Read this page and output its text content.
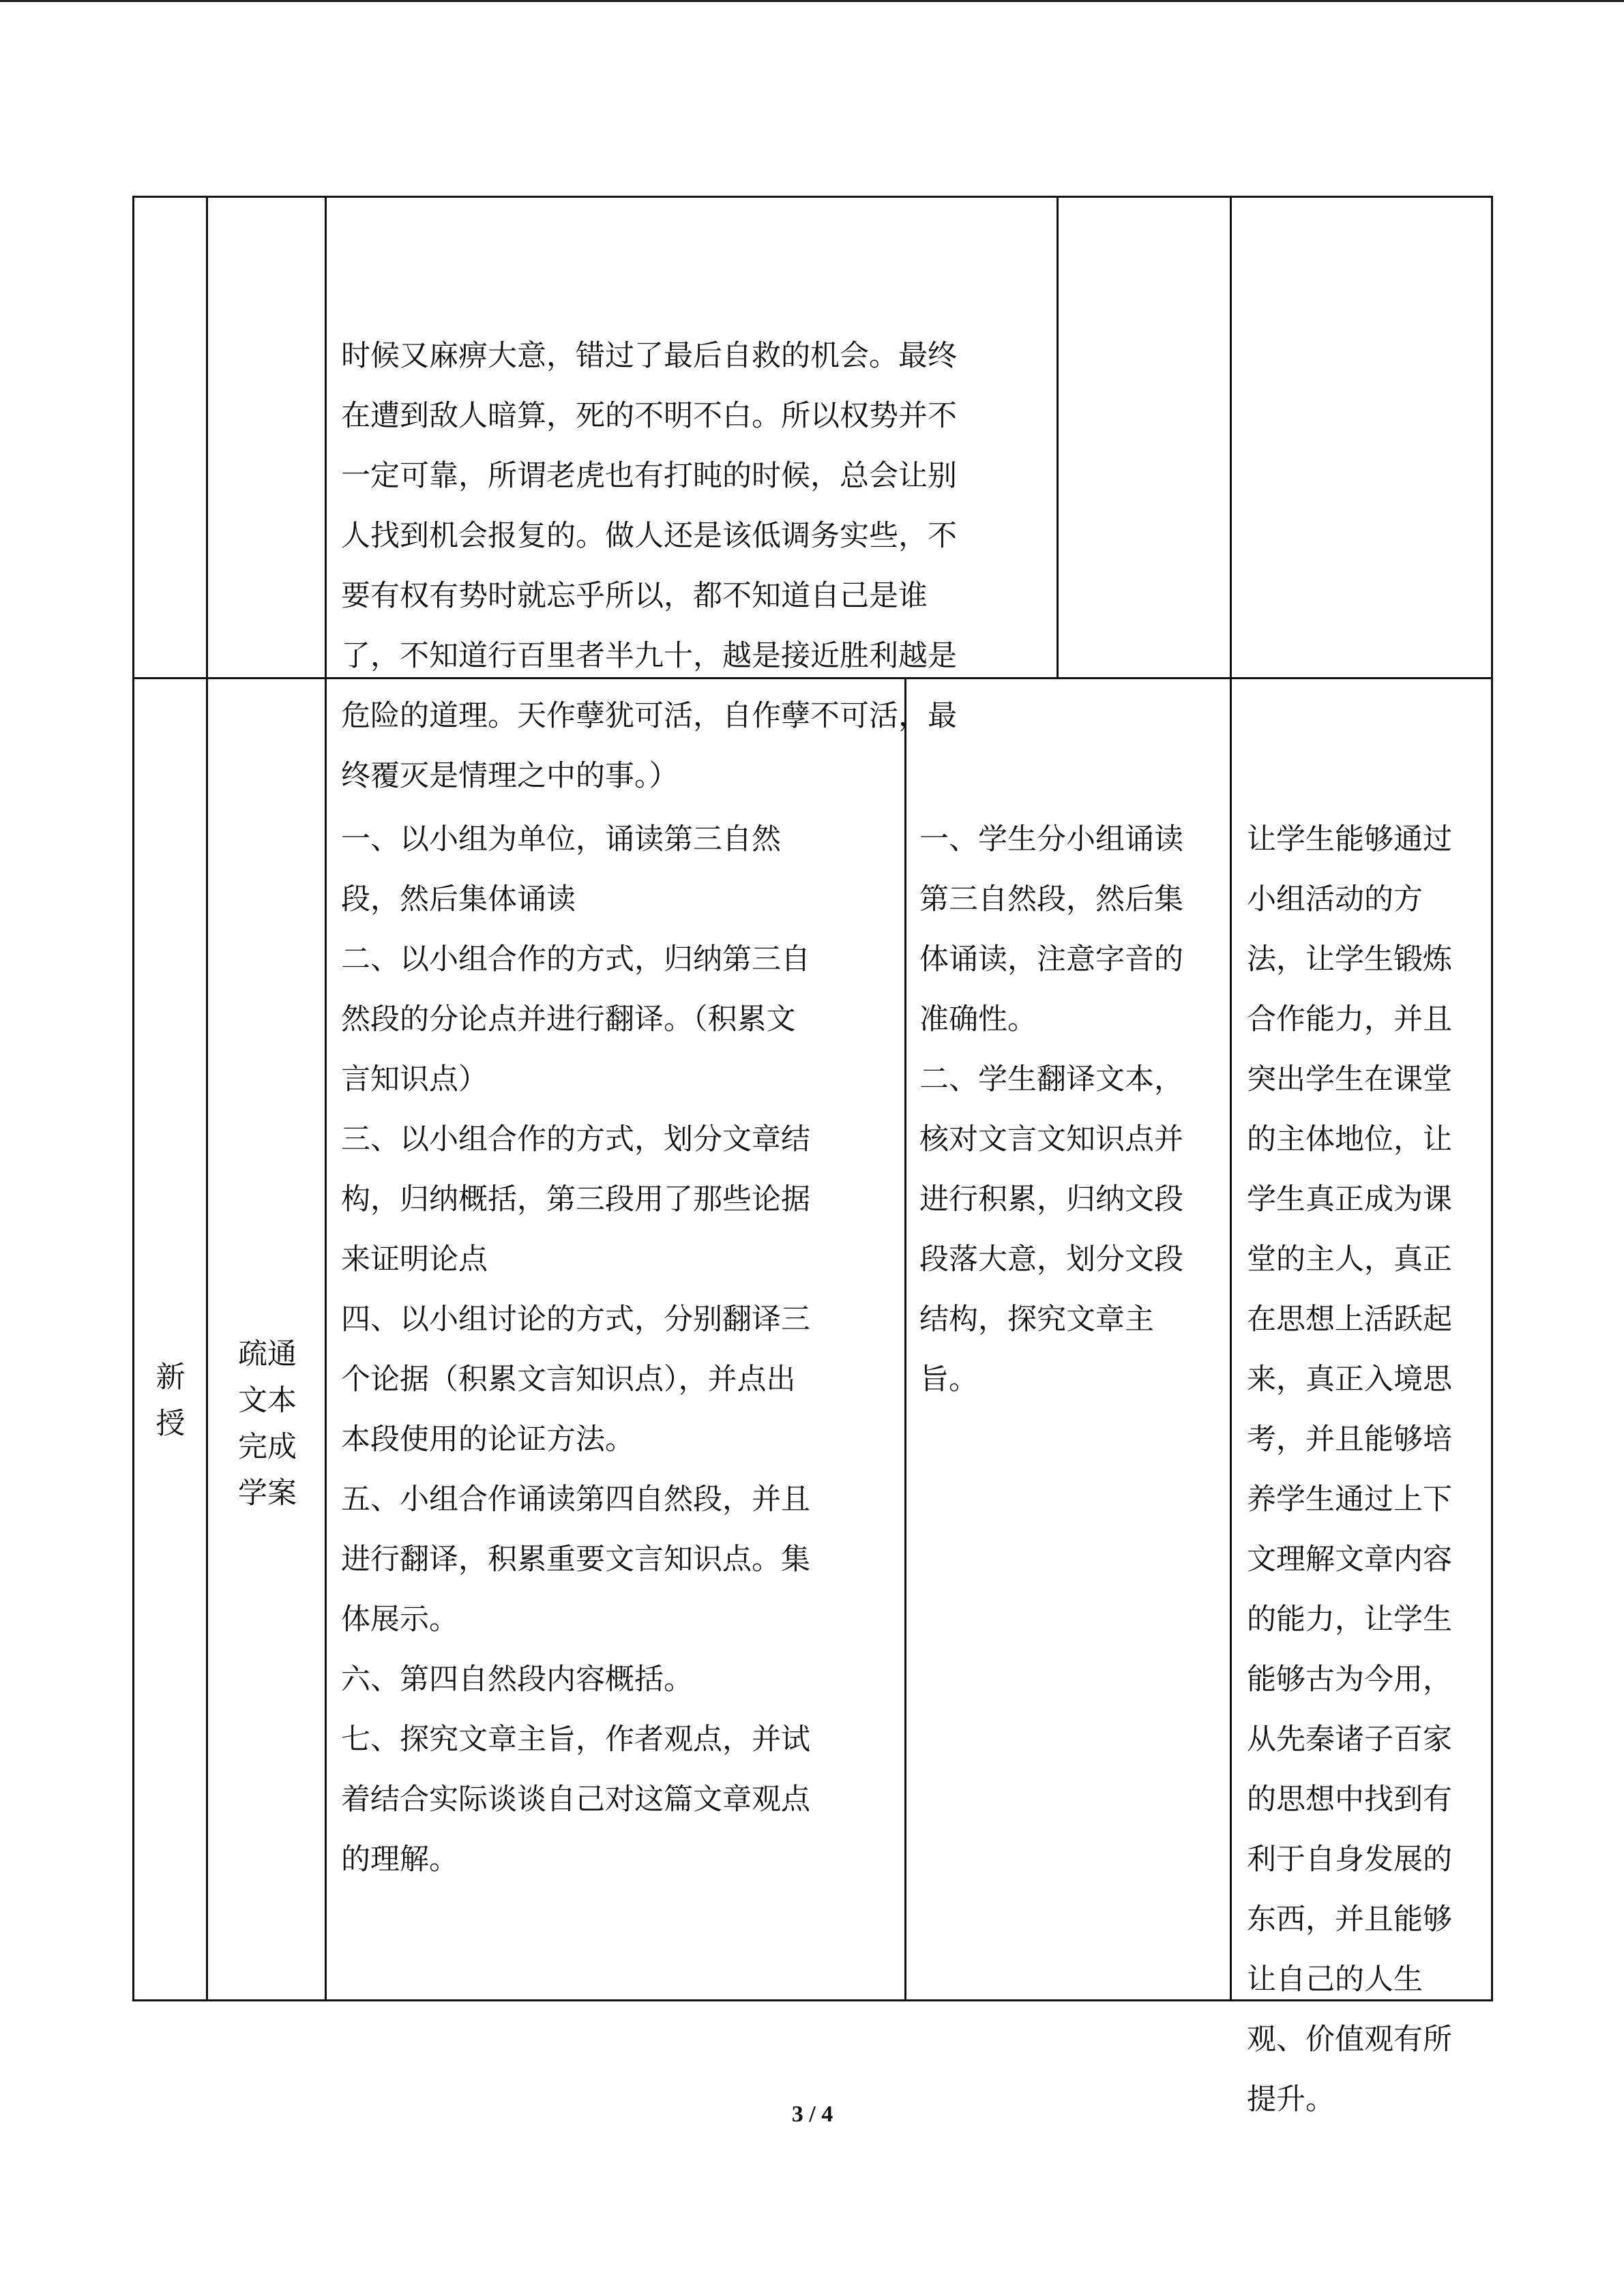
时候又麻痹大意，错过了最后自救的机会。最终
在遭到敌人暗算，死的不明不白。所以权势并不
一定可靠，所谓老虎也有打盹的时候，总会让别
人找到机会报复的。做人还是该低调务实些，不
要有权有势时就忘乎所以，都不知道自己是谁
了，不知道行百里者半九十，越是接近胜利越是
危险的道理。天作孽犹可活，自作孽不可活，最
终覆灭是情理之中的事。）

新
授

疏通
文本
完成
学案

一、以小组为单位，诵读第三自然
段，然后集体诵读
二、以小组合作的方式，归纳第三自
然段的分论点并进行翻译。（积累文
言知识点）
三、以小组合作的方式，划分文章结
构，归纳概括，第三段用了那些论据
来证明论点
四、以小组讨论的方式，分别翻译三
个论据（积累文言知识点），并点出
本段使用的论证方法。
五、小组合作诵读第四自然段，并且
进行翻译，积累重要文言知识点。集
体展示。
六、第四自然段内容概括。
七、探究文章主旨，作者观点，并试
着结合实际谈谈自己对这篇文章观点
的理解。

一、学生分小组诵读
第三自然段，然后集
体诵读，注意字音的
准确性。
二、学生翻译文本，
核对文言文知识点并
进行积累，归纳文段
段落大意，划分文段
结构，探究文章主
旨。

让学生能够通过
小组活动的方
法，让学生锻炼
合作能力，并且
突出学生在课堂
的主体地位，让
学生真正成为课
堂的主人，真正
在思想上活跃起
来，真正入境思
考，并且能够培
养学生通过上下
文理解文章内容
的能力，让学生
能够古为今用，
从先秦诸子百家
的思想中找到有
利于自身发展的
东西，并且能够
让自己的人生
观、价值观有所
提升。

3 / 4
